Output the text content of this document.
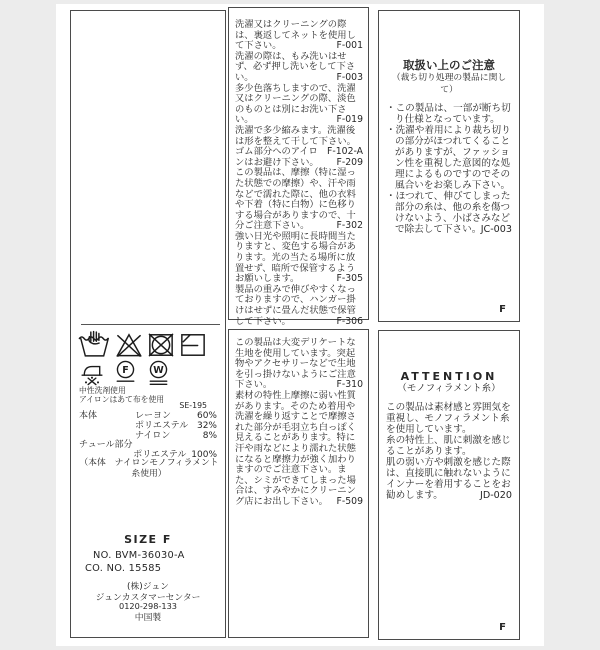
F W
中性洗剤使用
アイロンはあて布を使用
SE-195
本体	レーヨン	60%
ポリエステル 32%
ナイロン	8%
チュール部分
ポリエステル 100%
（本体　ナイロンモノフィラメント糸使用）
SIZE F
NO. BVM-36030-A
CO. NO. 15585
(株)ジュン
ジュンカスタマーセンター
0120-298-133
中国製

洗濯又はクリーニングの際は、裏返してネットを使用して下さい。	F-001

洗濯の際は、もみ洗いはせず、必ず押し洗いをして下さい。	F-003

多少色落ちしますので、洗濯又はクリーニングの際、淡色のものとは別にお洗い下さい。	F-019

洗濯で多少縮みます。洗濯後は形を整えて干して下さい。
F-102-A

ゴム部分へのアイロンはお避け下さい。 F-209

この製品は、摩擦（特に湿った状態での摩擦）や、汗や雨などで濡れた際に、他の衣料や下着（特に白物）に色移りする場合がありますので、十分ご注意下さい。	F-302

強い日光や照明に長時間当たりますと、変色する場合があります。光の当たる場所に放置せず、暗所で保管するようお願いします。	F-305

製品の重みで伸びやすくなっておりますので、ハンガー掛けはせずに畳んだ状態で保管して下さい。	F-306

この製品は大変デリケートな生地を使用しています。突起物やアクセサリーなどで生地を引っ掛けないようにご注意下さい。	F-310

素材の特性上摩擦に弱い性質があります。そのため着用や洗濯を繰り返すことで摩擦された部分が毛羽立ち白っぽく見えることがあります。特に汗や雨などにより濡れた状態になると摩擦力が強く加わりますのでご注意下さい。また、シミができてしまった場合は、すみやかにクリーニング店にお出し下さい。 F-509

取扱い上のご注意
（裁ち切り処理の製品に関して）

・この製品は、一部が断ち切り仕様となっています。

・洗濯や着用により裁ち切りの部分がほつれてくることがありますが、ファッション性を重視した意図的な処理によるものですのでその風合いをお楽しみ下さい。

・ほつれて、伸びてしまった部分の糸は、他の糸を傷つけないよう、小ばさみなどで除去して下さい。 JC-003

F
ATTENTION
（モノフィラメント糸）

この製品は素材感と雰囲気を重視し、モノフィラメント糸を使用しています。

糸の特性上、肌に刺激を感じることがあります。

肌の弱い方や刺激を感じた際は、直接肌に触れないようにインナーを着用することをお勧めします。	JD-020

F
